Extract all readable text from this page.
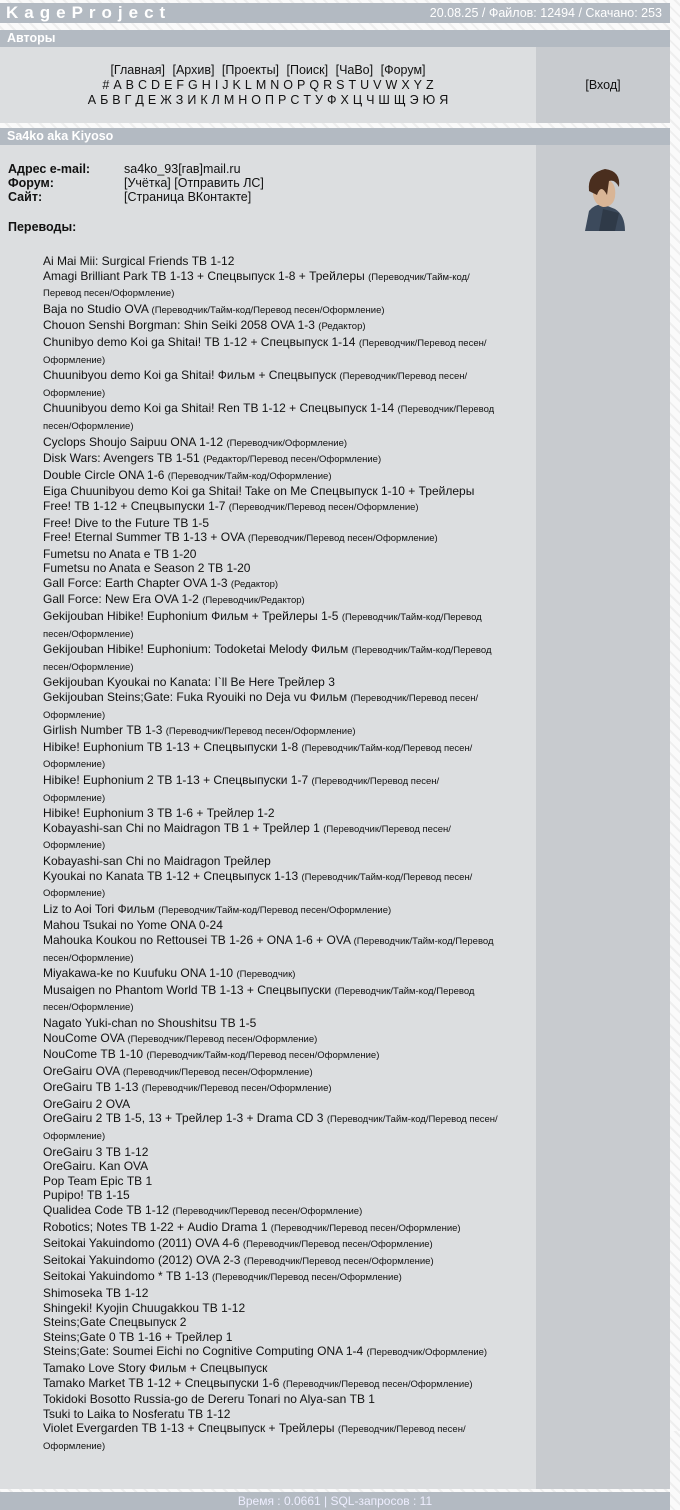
KageProject	20.08.25 / Файлов: 12494 / Скачано: 253
Авторы
[Главная] [Архив] [Проекты] [Поиск] [ЧаВо] [Форум]
# A B C D E F G H I J K L M N O P Q R S T U V W X Y Z
А Б В Г Д Е Ж З И К Л М Н О П Р С Т У Ф Х Ц Ч Ш Щ Э Ю Я
[Вход]
Sa4ko aka Kiyoso
Адрес e-mail:	sa4ko_93[гав]mail.ru
Форум:	[Учётка] [Отправить ЛС]
Сайт:	[Страница ВКонтакте]
Переводы:
Ai Mai Mii: Surgical Friends ТВ 1-12
Amagi Brilliant Park ТВ 1-13 + Спецвыпуск 1-8 + Трейлеры (Переводчик/Тайм-код/Перевод песен/Оформление)
Baja no Studio OVA (Переводчик/Тайм-код/Перевод песен/Оформление)
Chouon Senshi Borgman: Shin Seiki 2058 OVA 1-3 (Редактор)
Chunibyo demo Koi ga Shitai! ТВ 1-12 + Спецвыпуск 1-14 (Переводчик/Перевод песен/Оформление)
Chuunibyou demo Koi ga Shitai! Фильм + Спецвыпуск (Переводчик/Перевод песен/Оформление)
Chuunibyou demo Koi ga Shitai! Ren ТВ 1-12 + Спецвыпуск 1-14 (Переводчик/Перевод песен/Оформление)
Cyclops Shoujo Saipuu ONA 1-12 (Переводчик/Оформление)
Disk Wars: Avengers ТВ 1-51 (Редактор/Перевод песен/Оформление)
Double Circle ONA 1-6 (Переводчик/Тайм-код/Оформление)
Eiga Chuunibyou demo Koi ga Shitai! Take on Me Спецвыпуск 1-10 + Трейлеры
Free! ТВ 1-12 + Спецвыпуски 1-7 (Переводчик/Перевод песен/Оформление)
Free! Dive to the Future ТВ 1-5
Free! Eternal Summer ТВ 1-13 + OVA (Переводчик/Перевод песен/Оформление)
Fumetsu no Anata e ТВ 1-20
Fumetsu no Anata e Season 2 ТВ 1-20
Gall Force: Earth Chapter OVA 1-3 (Редактор)
Gall Force: New Era OVA 1-2 (Переводчик/Редактор)
Gekijouban Hibike! Euphonium Фильм + Трейлеры 1-5 (Переводчик/Тайм-код/Перевод песен/Оформление)
Gekijouban Hibike! Euphonium: Todoketai Melody Фильм (Переводчик/Тайм-код/Перевод песен/Оформление)
Gekijouban Kyoukai no Kanata: I`ll Be Here Трейлер 3
Gekijouban Steins;Gate: Fuka Ryouiki no Deja vu Фильм (Переводчик/Перевод песен/Оформление)
Girlish Number ТВ 1-3 (Переводчик/Перевод песен/Оформление)
Hibike! Euphonium ТВ 1-13 + Спецвыпуски 1-8 (Переводчик/Тайм-код/Перевод песен/Оформление)
Hibike! Euphonium 2 ТВ 1-13 + Спецвыпуски 1-7 (Переводчик/Перевод песен/Оформление)
Hibike! Euphonium 3 ТВ 1-6 + Трейлер 1-2
Kobayashi-san Chi no Maidragon ТВ 1 + Трейлер 1 (Переводчик/Перевод песен/Оформление)
Kobayashi-san Chi no Maidragon Трейлер
Kyoukai no Kanata ТВ 1-12 + Спецвыпуск 1-13 (Переводчик/Тайм-код/Перевод песен/Оформление)
Liz to Aoi Tori Фильм (Переводчик/Тайм-код/Перевод песен/Оформление)
Mahou Tsukai no Yome ONA 0-24
Mahouka Koukou no Rettousei ТВ 1-26 + ONA 1-6 + OVA (Переводчик/Тайм-код/Перевод песен/Оформление)
Miyakawa-ke no Kuufuku ONA 1-10 (Переводчик)
Musaigen no Phantom World ТВ 1-13 + Спецвыпуски (Переводчик/Тайм-код/Перевод песен/Оформление)
Nagato Yuki-chan no Shoushitsu ТВ 1-5
NouCome OVA (Переводчик/Перевод песен/Оформление)
NouCome ТВ 1-10 (Переводчик/Тайм-код/Перевод песен/Оформление)
OreGairu OVA (Переводчик/Перевод песен/Оформление)
OreGairu ТВ 1-13 (Переводчик/Перевод песен/Оформление)
OreGairu 2 OVA
OreGairu 2 ТВ 1-5, 13 + Трейлер 1-3 + Drama CD 3 (Переводчик/Тайм-код/Перевод песен/Оформление)
OreGairu 3 ТВ 1-12
OreGairu. Kan OVA
Pop Team Epic ТВ 1
Pupipo! ТВ 1-15
Qualidea Code ТВ 1-12 (Переводчик/Перевод песен/Оформление)
Robotics; Notes ТВ 1-22 + Audio Drama 1 (Переводчик/Перевод песен/Оформление)
Seitokai Yakuindomo (2011) OVA 4-6 (Переводчик/Перевод песен/Оформление)
Seitokai Yakuindomo (2012) OVA 2-3 (Переводчик/Перевод песен/Оформление)
Seitokai Yakuindomo * ТВ 1-13 (Переводчик/Перевод песен/Оформление)
Shimoseka ТВ 1-12
Shingeki! Kyojin Chuugakkou ТВ 1-12
Steins;Gate Спецвыпуск 2
Steins;Gate 0 ТВ 1-16 + Трейлер 1
Steins;Gate: Soumei Eichi no Cognitive Computing ONA 1-4 (Переводчик/Оформление)
Tamako Love Story Фильм + Спецвыпуск
Tamako Market ТВ 1-12 + Спецвыпуски 1-6 (Переводчик/Перевод песен/Оформление)
Tokidoki Bosotto Russia-go de Dereru Tonari no Alya-san ТВ 1
Tsuki to Laika to Nosferatu ТВ 1-12
Violet Evergarden ТВ 1-13 + Спецвыпуск + Трейлеры (Переводчик/Перевод песен/Оформление)
Время : 0.0661 | SQL-запросов : 11
